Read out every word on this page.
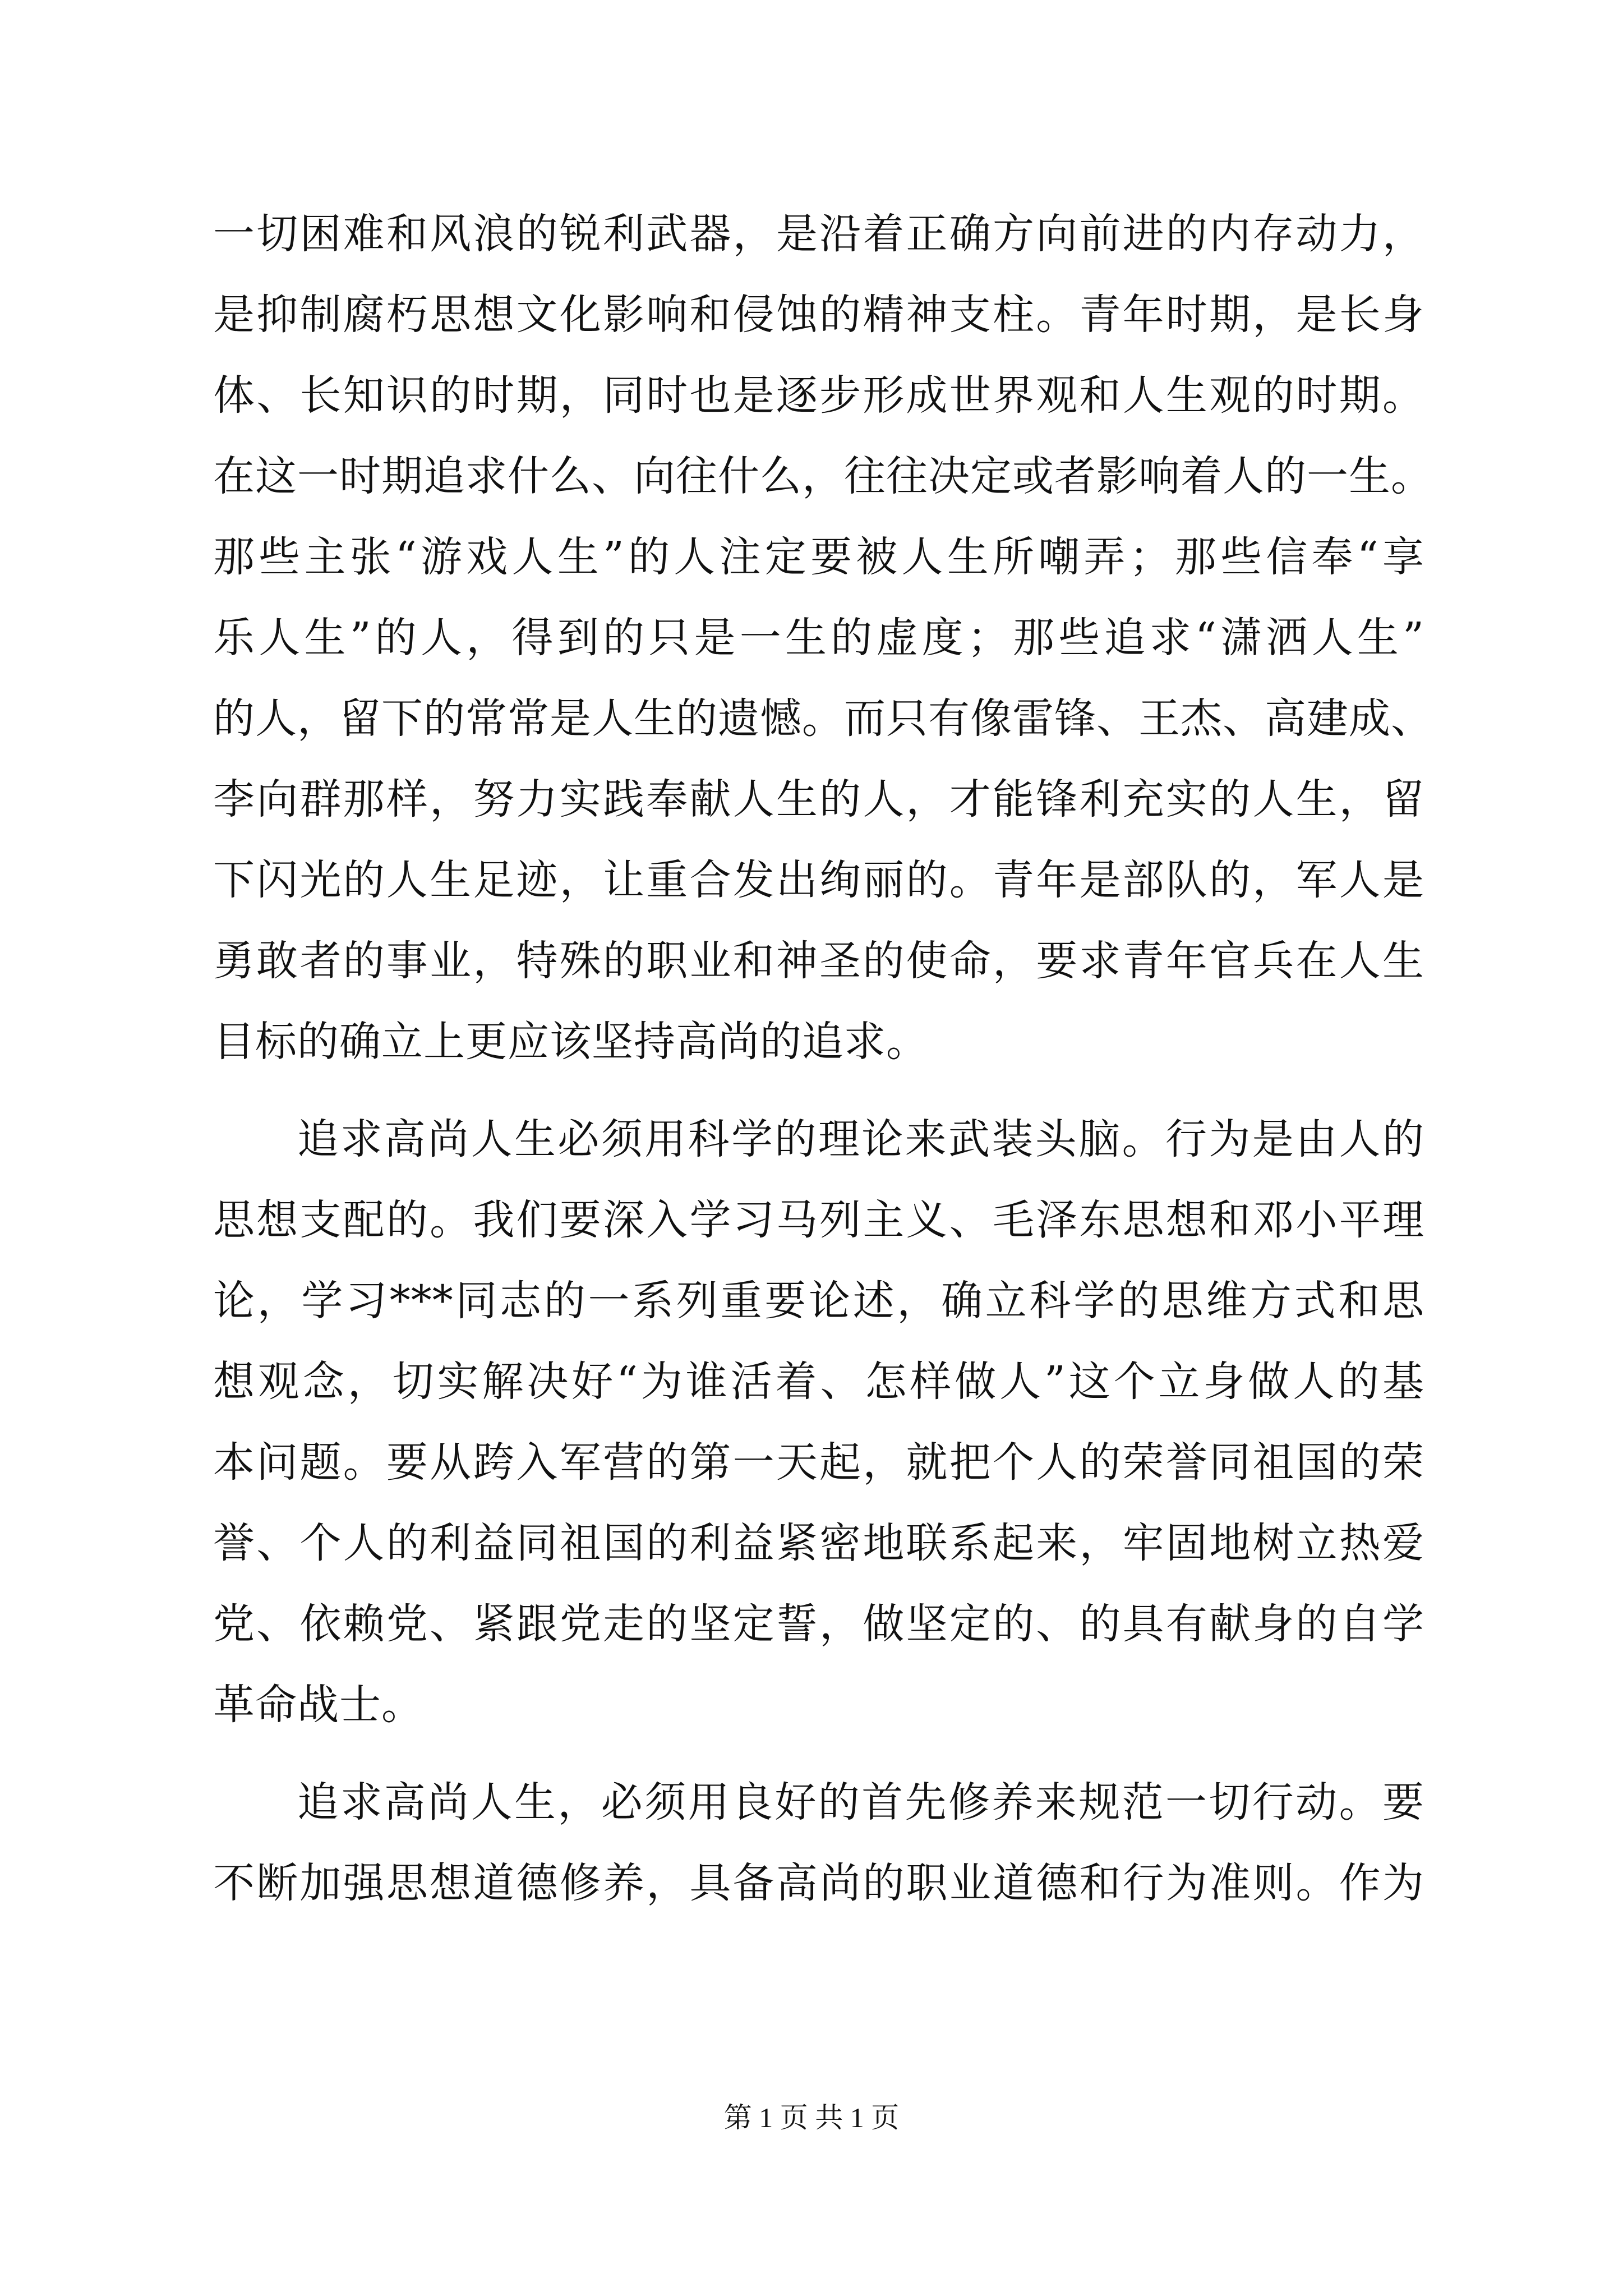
一切困难和风浪的锐利武器，是沿着正确方向前进的内存动力，
是抑制腐朽思想文化影响和侵蚀的精神支柱。青年时期，是长身
体、长知识的时期，同时也是逐步形成世界观和人生观的时期。
在这一时期追求什么、向往什么，往往决定或者影响着人的一生。
那些主张“游戏人生”的人注定要被人生所嘲弄；那些信奉“享
乐人生”的人，得到的只是一生的虚度；那些追求“潇洒人生”
的人，留下的常常是人生的遗憾。而只有像雷锋、王杰、高建成、
李向群那样，努力实践奉献人生的人，才能锋利充实的人生，留
下闪光的人生足迹，让重合发出绚丽的。青年是部队的，军人是
勇敢者的事业，特殊的职业和神圣的使命，要求青年官兵在人生
目标的确立上更应该坚持高尚的追求。
追求高尚人生必须用科学的理论来武装头脑。行为是由人的
思想支配的。我们要深入学习马列主义、毛泽东思想和邓小平理
论，学习***同志的一系列重要论述，确立科学的思维方式和思
想观念，切实解决好“为谁活着、怎样做人”这个立身做人的基
本问题。要从跨入军营的第一天起，就把个人的荣誉同祖国的荣
誉、个人的利益同祖国的利益紧密地联系起来，牢固地树立热爱
党、依赖党、紧跟党走的坚定誓，做坚定的、的具有献身的自学
革命战士。
追求高尚人生，必须用良好的首先修养来规范一切行动。要
不断加强思想道德修养，具备高尚的职业道德和行为准则。作为
第 1 页 共 1 页
